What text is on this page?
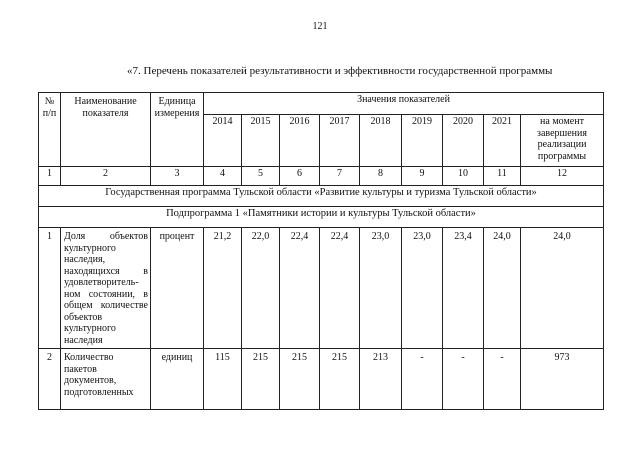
121
«7. Перечень показателей результативности и эффективности государственной программы
№ п/п	Наименование показателя	Единица измерения	Значения показателей								
			2014	2015	2016	2017	2018	2019	2020	2021	на момент завершения реализации программы
1	2	3	4	5	6	7	8	9	10	11	12
Государственная программа Тульской области «Развитие культуры и туризма Тульской области»											
Подпрограмма 1 «Памятники истории и культуры Тульской области»											
1	Доля объектов культурного наследия, находящихся в удовлетворитель-ном состоянии, в общем количестве объектов культурного наследия	процент	21,2	22,0	22,4	22,4	23,0	23,0	23,4	24,0	24,0
2	Количество пакетов документов, подготовленных	единиц	115	215	215	215	213	-	-	-	973
